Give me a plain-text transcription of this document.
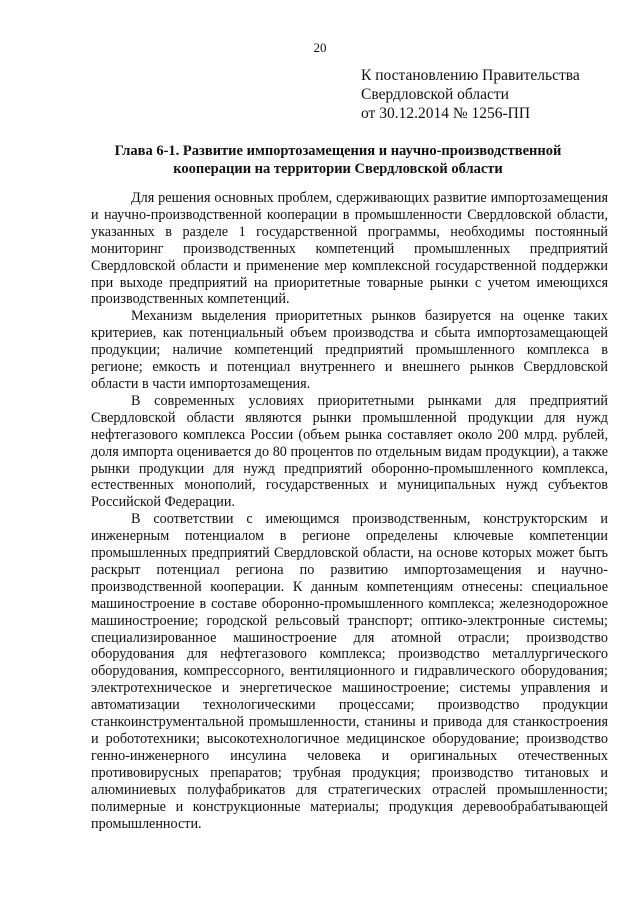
20
К постановлению Правительства
Свердловской области
от 30.12.2014 № 1256-ПП
Глава 6-1. Развитие импортозамещения и научно-производственной кооперации на территории Свердловской области

Для решения основных проблем, сдерживающих развитие импортозамещения и научно-производственной кооперации в промышленности Свердловской области, указанных в разделе 1 государственной программы, необходимы постоянный мониторинг производственных компетенций промышленных предприятий Свердловской области и применение мер комплексной государственной поддержки при выходе предприятий на приоритетные товарные рынки с учетом имеющихся производственных компетенций.

Механизм выделения приоритетных рынков базируется на оценке таких критериев, как потенциальный объем производства и сбыта импортозамещающей продукции; наличие компетенций предприятий промышленного комплекса в регионе; емкость и потенциал внутреннего и внешнего рынков Свердловской области в части импортозамещения.

В современных условиях приоритетными рынками для предприятий Свердловской области являются рынки промышленной продукции для нужд нефтегазового комплекса России (объем рынка составляет около 200 млрд. рублей, доля импорта оценивается до 80 процентов по отдельным видам продукции), а также рынки продукции для нужд предприятий оборонно-промышленного комплекса, естественных монополий, государственных и муниципальных нужд субъектов Российской Федерации.

В соответствии с имеющимся производственным, конструкторским и инженерным потенциалом в регионе определены ключевые компетенции промышленных предприятий Свердловской области, на основе которых может быть раскрыт потенциал региона по развитию импортозамещения и научно-производственной кооперации. К данным компетенциям отнесены: специальное машиностроение в составе оборонно-промышленного комплекса; железнодорожное машиностроение; городской рельсовый транспорт; оптико-электронные системы; специализированное машиностроение для атомной отрасли; производство оборудования для нефтегазового комплекса; производство металлургического оборудования, компрессорного, вентиляционного и гидравлического оборудования; электротехническое и энергетическое машиностроение; системы управления и автоматизации технологическими процессами; производство продукции станкоинструментальной промышленности, станины и привода для станкостроения и робототехники; высокотехнологичное медицинское оборудование; производство генно-инженерного инсулина человека и оригинальных отечественных противовирусных препаратов; трубная продукция; производство титановых и алюминиевых полуфабрикатов для стратегических отраслей промышленности; полимерные и конструкционные материалы; продукция деревообрабатывающей промышленности.
